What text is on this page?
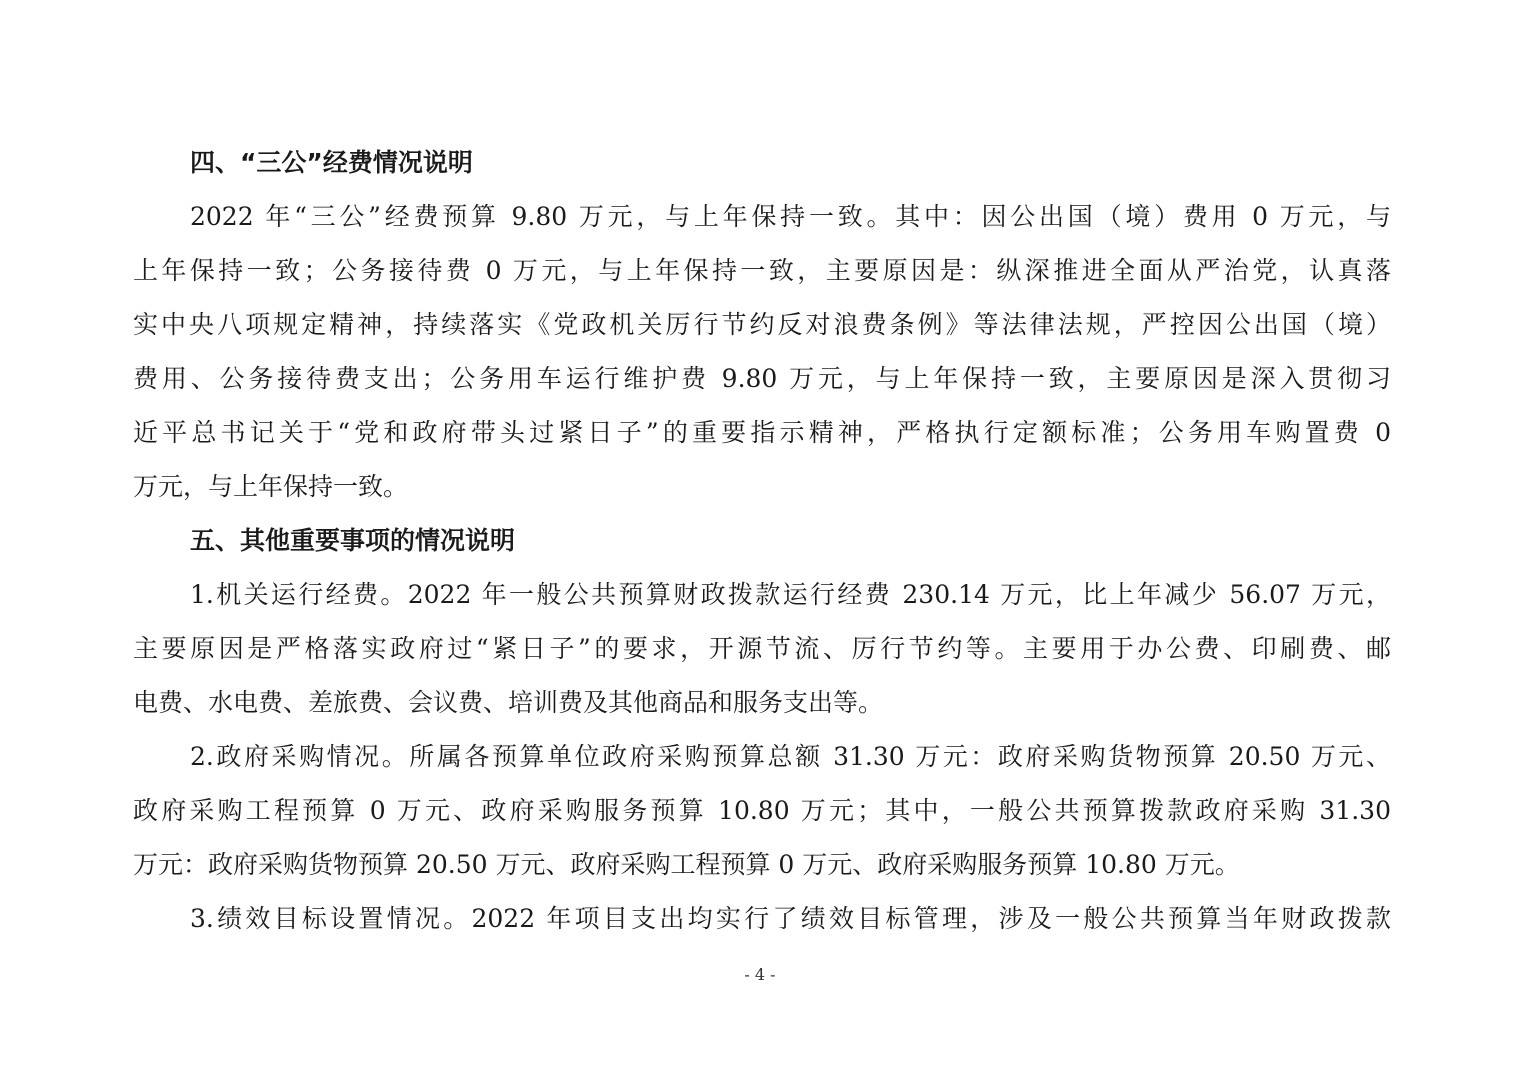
四、“三公”经费情况说明
2022 年“三公”经费预算 9.80 万元，与上年保持一致。其中：因公出国（境）费用 0 万元，与
上年保持一致；公务接待费 0 万元，与上年保持一致，主要原因是：纵深推进全面从严治党，认真落
实中央八项规定精神，持续落实《党政机关厉行节约反对浪费条例》等法律法规，严控因公出国（境）
费用、公务接待费支出；公务用车运行维护费 9.80 万元，与上年保持一致，主要原因是深入贯彻习
近平总书记关于“党和政府带头过紧日子”的重要指示精神，严格执行定额标准；公务用车购置费 0
万元，与上年保持一致。
五、其他重要事项的情况说明
1.机关运行经费。2022 年一般公共预算财政拨款运行经费 230.14 万元，比上年减少 56.07 万元，
主要原因是严格落实政府过“紧日子”的要求，开源节流、厉行节约等。主要用于办公费、印刷费、邮
电费、水电费、差旅费、会议费、培训费及其他商品和服务支出等。
2.政府采购情况。所属各预算单位政府采购预算总额 31.30 万元：政府采购货物预算 20.50 万元、
政府采购工程预算 0 万元、政府采购服务预算 10.80 万元；其中，一般公共预算拨款政府采购 31.30
万元：政府采购货物预算 20.50 万元、政府采购工程预算 0 万元、政府采购服务预算 10.80 万元。
3.绩效目标设置情况。2022 年项目支出均实行了绩效目标管理，涉及一般公共预算当年财政拨款
- 4 -
